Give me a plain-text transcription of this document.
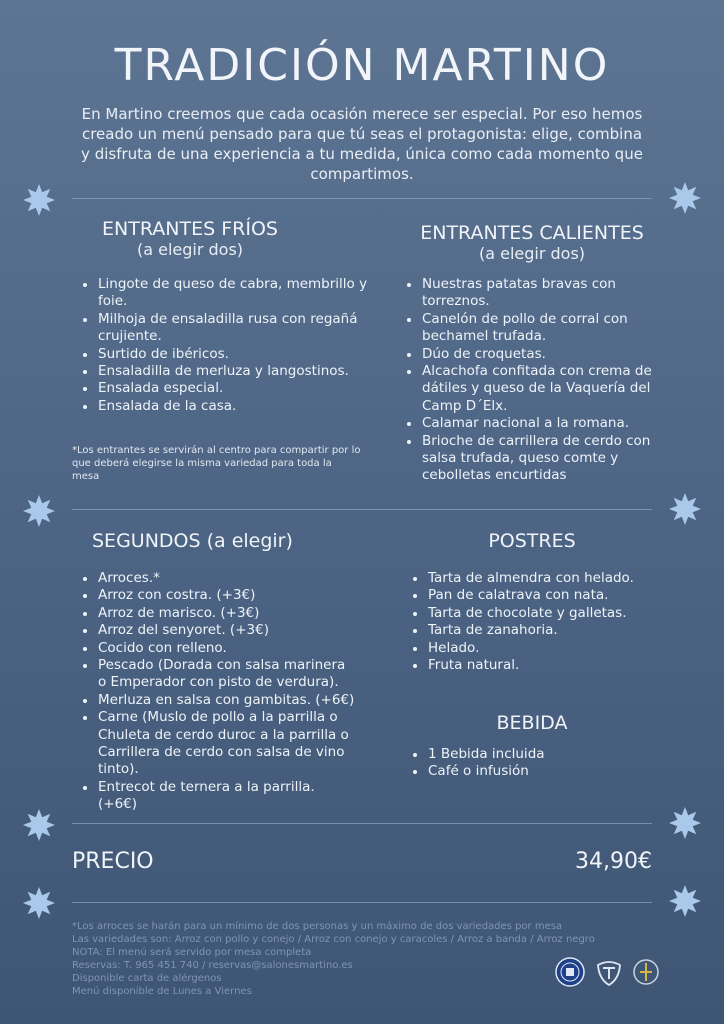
TRADICIÓN MARTINO
En Martino creemos que cada ocasión merece ser especial. Por eso hemos creado un menú pensado para que tú seas el protagonista: elige, combina y disfruta de una experiencia a tu medida, única como cada momento que compartimos.
ENTRANTES FRÍOS
(a elegir dos)
Lingote de queso de cabra, membrillo y foie.
Milhoja de ensaladilla rusa con regañá crujiente.
Surtido de ibéricos.
Ensaladilla de merluza y langostinos.
Ensalada especial.
Ensalada de la casa.
*Los entrantes se servirán al centro para compartir por lo que deberá elegirse la misma variedad para toda la mesa
ENTRANTES CALIENTES
(a elegir dos)
Nuestras patatas bravas con torreznos.
Canelón de pollo de corral con bechamel trufada.
Dúo de croquetas.
Alcachofa confitada con crema de dátiles y queso de la Vaquería del Camp D´Elx.
Calamar nacional a la romana.
Brioche de carrillera de cerdo con salsa trufada, queso comte y cebolletas encurtidas
SEGUNDOS (a elegir)
Arroces.*
Arroz con costra. (+3€)
Arroz de marisco. (+3€)
Arroz del senyoret. (+3€)
Cocido con relleno.
Pescado (Dorada con salsa marinera o Emperador con pisto de verdura).
Merluza en salsa con gambitas. (+6€)
Carne (Muslo de pollo a la parrilla o Chuleta de cerdo duroc a la parrilla o Carrillera de cerdo con salsa de vino tinto).
Entrecot de ternera a la parrilla. (+6€)
POSTRES
Tarta de almendra con helado.
Pan de calatrava con nata.
Tarta de chocolate y galletas.
Tarta de zanahoria.
Helado.
Fruta natural.
BEBIDA
1 Bebida incluida
Café o infusión
PRECIO	34,90€
*Los arroces se harán para un mínimo de dos personas y un máximo de dos variedades por mesa
Las variedades son: Arroz con pollo y conejo / Arroz con conejo y caracoles / Arroz a banda / Arroz negro
NOTA: El menú será servido por mesa completa
Reservas: T. 965 451 740 / reservas@salonesmartino.es
Disponible carta de alérgenos
Menú disponible de Lunes a Viernes
